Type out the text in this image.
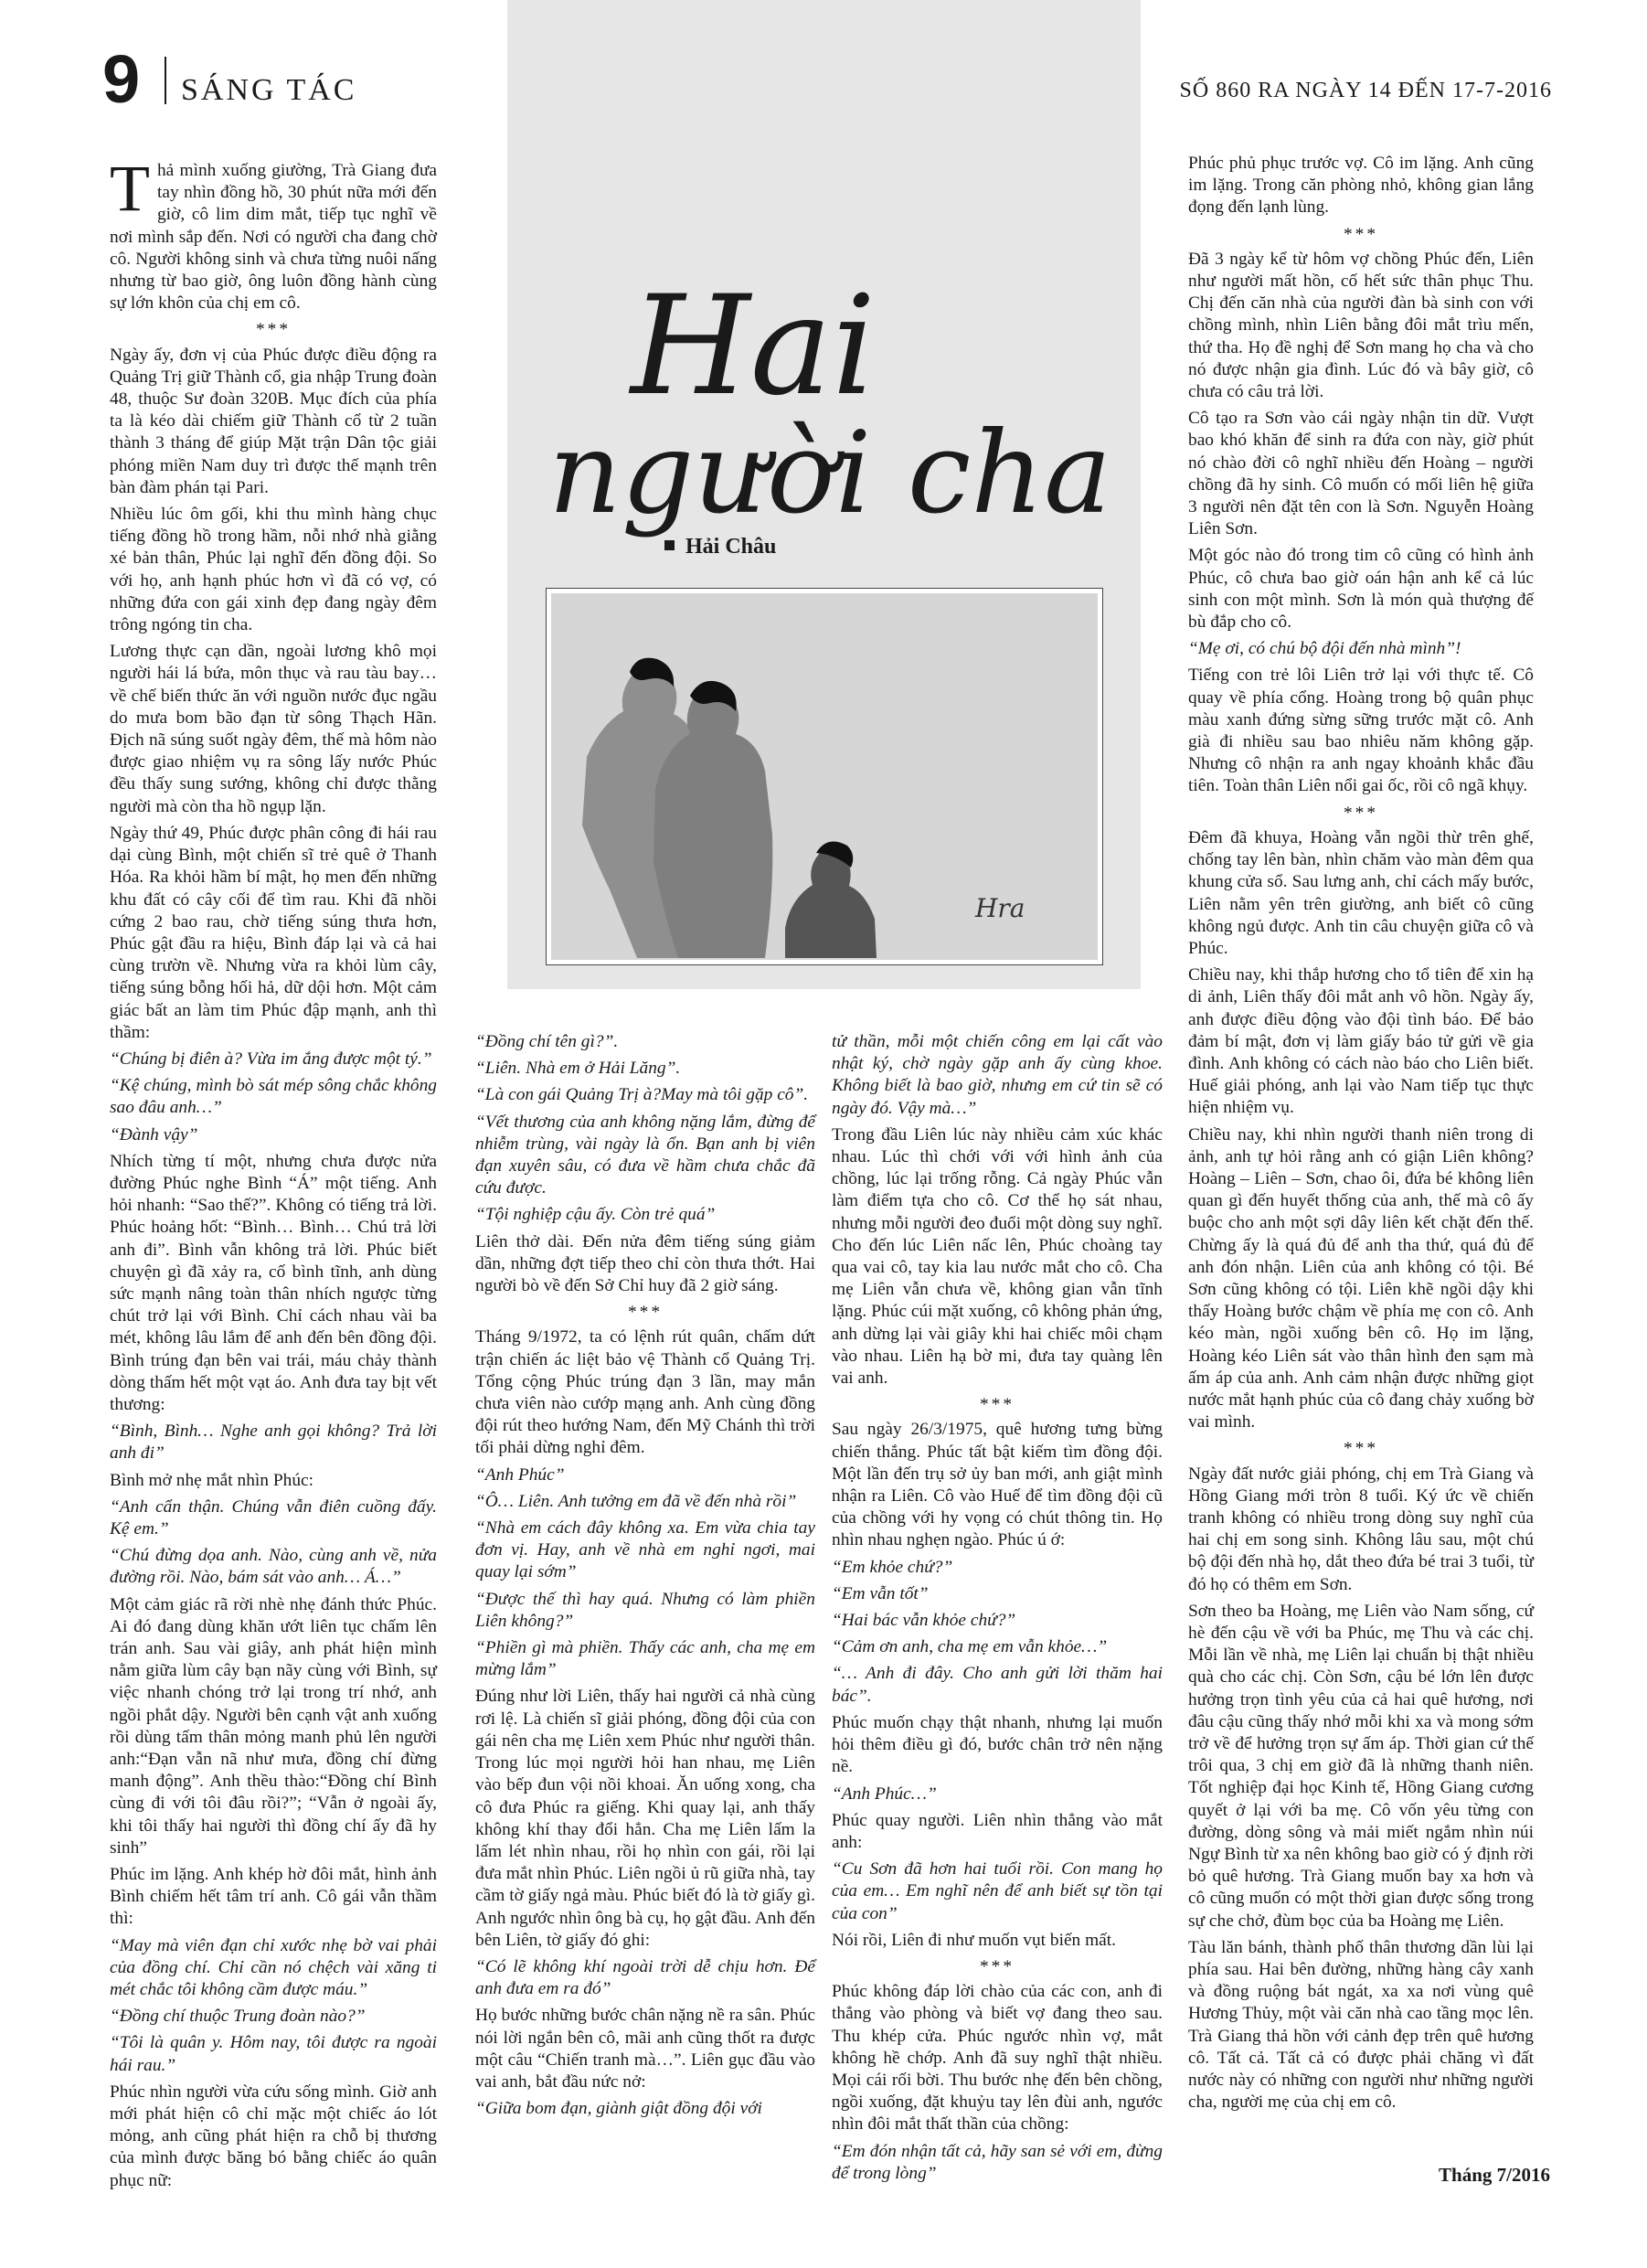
9 SÁNG TÁC	SỐ 860 RA NGÀY 14 ĐẾN 17-7-2016
Hai
người cha
Hải Châu
Hra

Thả mình xuống giường, Trà Giang đưa tay nhìn đồng hồ, 30 phút nữa mới đến giờ, cô lim dim mắt, tiếp tục nghĩ về nơi mình sắp đến. Nơi có người cha đang chờ cô. Người không sinh và chưa từng nuôi nấng nhưng từ bao giờ, ông luôn đồng hành cùng sự lớn khôn của chị em cô.

***

Ngày ấy, đơn vị của Phúc được điều động ra Quảng Trị giữ Thành cổ, gia nhập Trung đoàn 48, thuộc Sư đoàn 320B. Mục đích của phía ta là kéo dài chiếm giữ Thành cổ từ 2 tuần thành 3 tháng để giúp Mặt trận Dân tộc giải phóng miền Nam duy trì được thế mạnh trên bàn đàm phán tại Pari.

Nhiều lúc ôm gối, khi thu mình hàng chục tiếng đồng hồ trong hầm, nỗi nhớ nhà giằng xé bản thân, Phúc lại nghĩ đến đồng đội. So với họ, anh hạnh phúc hơn vì đã có vợ, có những đứa con gái xinh đẹp đang ngày đêm trông ngóng tin cha.

Lương thực cạn dần, ngoài lương khô mọi người hái lá bứa, môn thục và rau tàu bay… về chế biến thức ăn với nguồn nước đục ngầu do mưa bom bão đạn từ sông Thạch Hãn. Địch nã súng suốt ngày đêm, thế mà hôm nào được giao nhiệm vụ ra sông lấy nước Phúc đều thấy sung sướng, không chỉ được thằng người mà còn tha hồ ngụp lặn.

Ngày thứ 49, Phúc được phân công đi hái rau dại cùng Bình, một chiến sĩ trẻ quê ở Thanh Hóa. Ra khỏi hầm bí mật, họ men đến những khu đất có cây cối để tìm rau. Khi đã nhồi cứng 2 bao rau, chờ tiếng súng thưa hơn, Phúc gật đầu ra hiệu, Bình đáp lại và cả hai cùng trườn về. Nhưng vừa ra khỏi lùm cây, tiếng súng bỗng hối hả, dữ dội hơn. Một cảm giác bất an làm tim Phúc đập mạnh, anh thì thầm:

“Chúng bị điên à? Vừa im ắng được một tý.”

“Kệ chúng, mình bò sát mép sông chắc không sao đâu anh…”

“Đành vậy”

Nhích từng tí một, nhưng chưa được nửa đường Phúc nghe Bình “Á” một tiếng. Anh hỏi nhanh: “Sao thế?”. Không có tiếng trả lời. Phúc hoảng hốt: “Bình… Bình… Chú trả lời anh đi”. Bình vẫn không trả lời. Phúc biết chuyện gì đã xảy ra, cố bình tĩnh, anh dùng sức mạnh nâng toàn thân nhích ngược từng chút trở lại với Bình. Chỉ cách nhau vài ba mét, không lâu lắm để anh đến bên đồng đội. Bình trúng đạn bên vai trái, máu chảy thành dòng thấm hết một vạt áo. Anh đưa tay bịt vết thương:

“Bình, Bình… Nghe anh gọi không? Trả lời anh đi”

Bình mở nhẹ mắt nhìn Phúc:

“Anh cẩn thận. Chúng vẫn điên cuồng đấy. Kệ em.”

“Chú đừng dọa anh. Nào, cùng anh về, nửa đường rồi. Nào, bám sát vào anh… Á…”

Một cảm giác rã rời nhè nhẹ đánh thức Phúc. Ai đó đang dùng khăn ướt liên tục chấm lên trán anh. Sau vài giây, anh phát hiện mình nằm giữa lùm cây bạn nãy cùng với Bình, sự việc nhanh chóng trở lại trong trí nhớ, anh ngồi phắt dậy. Người bên cạnh vật anh xuống rồi dùng tấm thân mỏng manh phủ lên người anh:“Đạn vẫn nã như mưa, đồng chí đừng manh động”. Anh thều thào:“Đồng chí Bình cùng đi với tôi đâu rồi?”; “Vẫn ở ngoài ấy, khi tôi thấy hai người thì đồng chí ấy đã hy sinh”

Phúc im lặng. Anh khép hờ đôi mắt, hình ảnh Bình chiếm hết tâm trí anh. Cô gái vẫn thầm thì:

“May mà viên đạn chỉ xước nhẹ bờ vai phải của đồng chí. Chỉ cần nó chệch vài xăng ti mét chắc tôi không cầm được máu.”

“Đồng chí thuộc Trung đoàn nào?”

“Tôi là quân y. Hôm nay, tôi được ra ngoài hái rau.”

Phúc nhìn người vừa cứu sống mình. Giờ anh mới phát hiện cô chỉ mặc một chiếc áo lót mỏng, anh cũng phát hiện ra chỗ bị thương của mình được băng bó bằng chiếc áo quân phục nữ:

“Đồng chí tên gì?”.

“Liên. Nhà em ở Hải Lăng”.

“Là con gái Quảng Trị à?May mà tôi gặp cô”.

“Vết thương của anh không nặng lắm, đừng để nhiễm trùng, vài ngày là ổn. Bạn anh bị viên đạn xuyên sâu, có đưa về hầm chưa chắc đã cứu được.

“Tội nghiệp cậu ấy. Còn trẻ quá”

Liên thở dài. Đến nửa đêm tiếng súng giảm dần, những đợt tiếp theo chỉ còn thưa thớt. Hai người bò về đến Sở Chỉ huy đã 2 giờ sáng.

***

Tháng 9/1972, ta có lệnh rút quân, chấm dứt trận chiến ác liệt bảo vệ Thành cổ Quảng Trị. Tổng cộng Phúc trúng đạn 3 lần, may mắn chưa viên nào cướp mạng anh. Anh cùng đồng đội rút theo hướng Nam, đến Mỹ Chánh thì trời tối phải dừng nghỉ đêm.

“Anh Phúc”

“Ô… Liên. Anh tưởng em đã về đến nhà rồi”

“Nhà em cách đây không xa. Em vừa chia tay đơn vị. Hay, anh về nhà em nghỉ ngơi, mai quay lại sớm”

“Được thế thì hay quá. Nhưng có làm phiền Liên không?”

“Phiền gì mà phiền. Thấy các anh, cha mẹ em mừng lắm”

Đúng như lời Liên, thấy hai người cả nhà cùng rơi lệ. Là chiến sĩ giải phóng, đồng đội của con gái nên cha mẹ Liên xem Phúc như người thân. Trong lúc mọi người hỏi han nhau, mẹ Liên vào bếp đun vội nồi khoai. Ăn uống xong, cha cô đưa Phúc ra giếng. Khi quay lại, anh thấy không khí thay đổi hẳn. Cha mẹ Liên lấm la lấm lét nhìn nhau, rồi họ nhìn con gái, rồi lại đưa mắt nhìn Phúc. Liên ngồi ủ rũ giữa nhà, tay cầm tờ giấy ngả màu. Phúc biết đó là tờ giấy gì. Anh ngước nhìn ông bà cụ, họ gật đầu. Anh đến bên Liên, tờ giấy đó ghi:

“Có lẽ không khí ngoài trời dễ chịu hơn. Để anh đưa em ra đó”

Họ bước những bước chân nặng nề ra sân. Phúc nói lời ngắn bên cô, mãi anh cũng thốt ra được một câu “Chiến tranh mà…”. Liên gục đầu vào vai anh, bắt đầu nức nở:

“Giữa bom đạn, giành giật đồng đội với

tử thần, mỗi một chiến công em lại cất vào nhật ký, chờ ngày gặp anh ấy cùng khoe. Không biết là bao giờ, nhưng em cứ tin sẽ có ngày đó. Vậy mà…”

Trong đầu Liên lúc này nhiều cảm xúc khác nhau. Lúc thì chới với với hình ảnh của chồng, lúc lại trống rỗng. Cả ngày Phúc vẫn làm điểm tựa cho cô. Cơ thể họ sát nhau, nhưng mỗi người đeo đuổi một dòng suy nghĩ. Cho đến lúc Liên nấc lên, Phúc choàng tay qua vai cô, tay kia lau nước mắt cho cô. Cha mẹ Liên vẫn chưa về, không gian vẫn tĩnh lặng. Phúc cúi mặt xuống, cô không phản ứng, anh dừng lại vài giây khi hai chiếc môi chạm vào nhau. Liên hạ bờ mi, đưa tay quàng lên vai anh.

***

Sau ngày 26/3/1975, quê hương tưng bừng chiến thắng. Phúc tất bật kiếm tìm đồng đội. Một lần đến trụ sở ủy ban mới, anh giật mình nhận ra Liên. Cô vào Huế để tìm đồng đội cũ của chồng với hy vọng có chút thông tin. Họ nhìn nhau nghẹn ngào. Phúc ú ớ:

“Em khỏe chứ?”

“Em vẫn tốt”

“Hai bác vẫn khỏe chứ?”

“Cảm ơn anh, cha mẹ em vẫn khỏe…”

“… Anh đi đây. Cho anh gửi lời thăm hai bác”.

Phúc muốn chạy thật nhanh, nhưng lại muốn hỏi thêm điều gì đó, bước chân trở nên nặng nề.

“Anh Phúc…”

Phúc quay người. Liên nhìn thẳng vào mắt anh:

“Cu Sơn đã hơn hai tuổi rồi. Con mang họ của em… Em nghĩ nên để anh biết sự tồn tại của con”

Nói rồi, Liên đi như muốn vụt biến mất.

***

Phúc không đáp lời chào của các con, anh đi thẳng vào phòng và biết vợ đang theo sau. Thu khép cửa. Phúc ngước nhìn vợ, mắt không hề chớp. Anh đã suy nghĩ thật nhiều. Mọi cái rối bời. Thu bước nhẹ đến bên chồng, ngồi xuống, đặt khuỷu tay lên đùi anh, ngước nhìn đôi mắt thất thần của chồng:

“Em đón nhận tất cả, hãy san sẻ với em, đừng để trong lòng”

Phúc phủ phục trước vợ. Cô im lặng. Anh cũng im lặng. Trong căn phòng nhỏ, không gian lắng đọng đến lạnh lùng.

***

Đã 3 ngày kể từ hôm vợ chồng Phúc đến, Liên như người mất hồn, cố hết sức thân phục Thu. Chị đến căn nhà của người đàn bà sinh con với chồng mình, nhìn Liên bằng đôi mắt trìu mến, thứ tha. Họ đề nghị để Sơn mang họ cha và cho nó được nhận gia đình. Lúc đó và bây giờ, cô chưa có câu trả lời.

Cô tạo ra Sơn vào cái ngày nhận tin dữ. Vượt bao khó khăn để sinh ra đứa con này, giờ phút nó chào đời cô nghĩ nhiều đến Hoàng – người chồng đã hy sinh. Cô muốn có mối liên hệ giữa 3 người nên đặt tên con là Sơn. Nguyễn Hoàng Liên Sơn.

Một góc nào đó trong tim cô cũng có hình ảnh Phúc, cô chưa bao giờ oán hận anh kể cả lúc sinh con một mình. Sơn là món quà thượng đế bù đắp cho cô.

“Mẹ ơi, có chú bộ đội đến nhà mình”!

Tiếng con trẻ lôi Liên trở lại với thực tế. Cô quay về phía cổng. Hoàng trong bộ quân phục màu xanh đứng sừng sững trước mặt cô. Anh già đi nhiều sau bao nhiêu năm không gặp. Nhưng cô nhận ra anh ngay khoảnh khắc đầu tiên. Toàn thân Liên nổi gai ốc, rồi cô ngã khụy.

***

Đêm đã khuya, Hoàng vẫn ngồi thừ trên ghế, chống tay lên bàn, nhìn chăm vào màn đêm qua khung cửa sổ. Sau lưng anh, chỉ cách mấy bước, Liên nằm yên trên giường, anh biết cô cũng không ngủ được. Anh tin câu chuyện giữa cô và Phúc.

Chiều nay, khi thắp hương cho tổ tiên để xin hạ di ảnh, Liên thấy đôi mắt anh vô hồn. Ngày ấy, anh được điều động vào đội tình báo. Để bảo đảm bí mật, đơn vị làm giấy báo tử gửi về gia đình. Anh không có cách nào báo cho Liên biết. Huế giải phóng, anh lại vào Nam tiếp tục thực hiện nhiệm vụ.

Chiều nay, khi nhìn người thanh niên trong di ảnh, anh tự hỏi rằng anh có giận Liên không? Hoàng – Liên – Sơn, chao ôi, đứa bé không liên quan gì đến huyết thống của anh, thế mà cô ấy buộc cho anh một sợi dây liên kết chặt đến thế. Chừng ấy là quá đủ để anh tha thứ, quá đủ để anh đón nhận. Liên của anh không có tội. Bé Sơn cũng không có tội. Liên khẽ ngồi dậy khi thấy Hoàng bước chậm về phía mẹ con cô. Anh kéo màn, ngồi xuống bên cô. Họ im lặng, Hoàng kéo Liên sát vào thân hình đen sạm mà ấm áp của anh. Anh cảm nhận được những giọt nước mắt hạnh phúc của cô đang chảy xuống bờ vai mình.

***

Ngày đất nước giải phóng, chị em Trà Giang và Hồng Giang mới tròn 8 tuổi. Ký ức về chiến tranh không có nhiều trong dòng suy nghĩ của hai chị em song sinh. Không lâu sau, một chú bộ đội đến nhà họ, dắt theo đứa bé trai 3 tuổi, từ đó họ có thêm em Sơn.

Sơn theo ba Hoàng, mẹ Liên vào Nam sống, cứ hè đến cậu về với ba Phúc, mẹ Thu và các chị. Mỗi lần về nhà, mẹ Liên lại chuẩn bị thật nhiều quà cho các chị. Còn Sơn, cậu bé lớn lên được hưởng trọn tình yêu của cả hai quê hương, nơi đâu cậu cũng thấy nhớ mỗi khi xa và mong sớm trở về để hưởng trọn sự ấm áp. Thời gian cứ thế trôi qua, 3 chị em giờ đã là những thanh niên. Tốt nghiệp đại học Kinh tế, Hồng Giang cương quyết ở lại với ba mẹ. Cô vốn yêu từng con đường, dòng sông và mải miết ngắm nhìn núi Ngự Bình từ xa nên không bao giờ có ý định rời bỏ quê hương. Trà Giang muốn bay xa hơn và cô cũng muốn có một thời gian được sống trong sự che chở, đùm bọc của ba Hoàng mẹ Liên.

Tàu lăn bánh, thành phố thân thương dần lùi lại phía sau. Hai bên đường, những hàng cây xanh và đồng ruộng bát ngát, xa xa nơi vùng quê Hương Thủy, một vài căn nhà cao tầng mọc lên. Trà Giang thả hồn với cảnh đẹp trên quê hương cô. Tất cả. Tất cả có được phải chăng vì đất nước này có những con người như những người cha, người mẹ của chị em cô.

Tháng 7/2016
